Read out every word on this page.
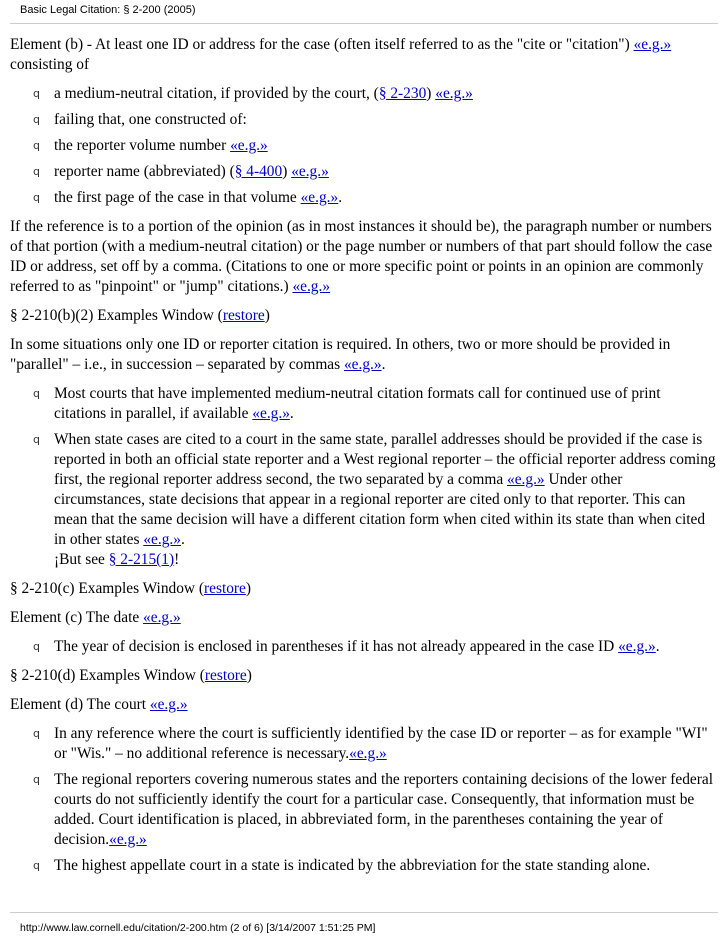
Basic Legal Citation: § 2-200 (2005)

Element (b) - At least one ID or address for the case (often itself referred to as the "cite or "citation") «e.g.» consisting of

q a medium-neutral citation, if provided by the court, (§ 2-230) «e.g.»
q failing that, one constructed of:
q the reporter volume number «e.g.»
q reporter name (abbreviated) (§ 4-400) «e.g.»
q the first page of the case in that volume «e.g.».

If the reference is to a portion of the opinion (as in most instances it should be), the paragraph number or numbers of that portion (with a medium-neutral citation) or the page number or numbers of that part should follow the case ID or address, set off by a comma. (Citations to one or more specific point or points in an opinion are commonly referred to as "pinpoint" or "jump" citations.) «e.g.»

§ 2-210(b)(2) Examples Window (restore)

In some situations only one ID or reporter citation is required. In others, two or more should be provided in "parallel" – i.e., in succession – separated by commas «e.g.».

q Most courts that have implemented medium-neutral citation formats call for continued use of print citations in parallel, if available «e.g.».
q When state cases are cited to a court in the same state, parallel addresses should be provided if the case is reported in both an official state reporter and a West regional reporter – the official reporter address coming first, the regional reporter address second, the two separated by a comma «e.g.» Under other circumstances, state decisions that appear in a regional reporter are cited only to that reporter. This can mean that the same decision will have a different citation form when cited within its state than when cited in other states «e.g.».
¡But see § 2-215(1)!

§ 2-210(c) Examples Window (restore)

Element (c) The date «e.g.»

q The year of decision is enclosed in parentheses if it has not already appeared in the case ID «e.g.».

§ 2-210(d) Examples Window (restore)

Element (d) The court «e.g.»

q In any reference where the court is sufficiently identified by the case ID or reporter – as for example "WI" or "Wis." – no additional reference is necessary.«e.g.»
q The regional reporters covering numerous states and the reporters containing decisions of the lower federal courts do not sufficiently identify the court for a particular case. Consequently, that information must be added. Court identification is placed, in abbreviated form, in the parentheses containing the year of decision.«e.g.»
q The highest appellate court in a state is indicated by the abbreviation for the state standing alone.
http://www.law.cornell.edu/citation/2-200.htm (2 of 6) [3/14/2007 1:51:25 PM]
